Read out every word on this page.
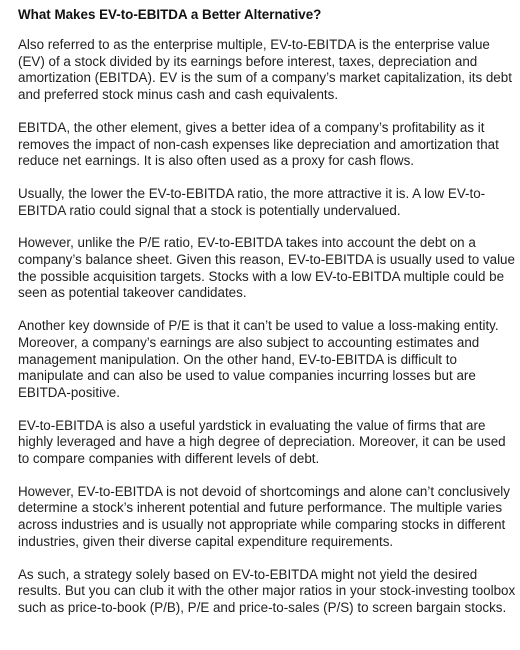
What Makes EV-to-EBITDA a Better Alternative?

Also referred to as the enterprise multiple, EV-to-EBITDA is the enterprise value (EV) of a stock divided by its earnings before interest, taxes, depreciation and amortization (EBITDA). EV is the sum of a company’s market capitalization, its debt and preferred stock minus cash and cash equivalents.

EBITDA, the other element, gives a better idea of a company’s profitability as it removes the impact of non-cash expenses like depreciation and amortization that reduce net earnings. It is also often used as a proxy for cash flows.

Usually, the lower the EV-to-EBITDA ratio, the more attractive it is. A low EV-to-EBITDA ratio could signal that a stock is potentially undervalued.

However, unlike the P/E ratio, EV-to-EBITDA takes into account the debt on a company’s balance sheet. Given this reason, EV-to-EBITDA is usually used to value the possible acquisition targets. Stocks with a low EV-to-EBITDA multiple could be seen as potential takeover candidates.

Another key downside of P/E is that it can’t be used to value a loss-making entity. Moreover, a company’s earnings are also subject to accounting estimates and management manipulation. On the other hand, EV-to-EBITDA is difficult to manipulate and can also be used to value companies incurring losses but are EBITDA-positive.

EV-to-EBITDA is also a useful yardstick in evaluating the value of firms that are highly leveraged and have a high degree of depreciation. Moreover, it can be used to compare companies with different levels of debt.

However, EV-to-EBITDA is not devoid of shortcomings and alone can’t conclusively determine a stock’s inherent potential and future performance. The multiple varies across industries and is usually not appropriate while comparing stocks in different industries, given their diverse capital expenditure requirements.

As such, a strategy solely based on EV-to-EBITDA might not yield the desired results. But you can club it with the other major ratios in your stock-investing toolbox such as price-to-book (P/B), P/E and price-to-sales (P/S) to screen bargain stocks.
